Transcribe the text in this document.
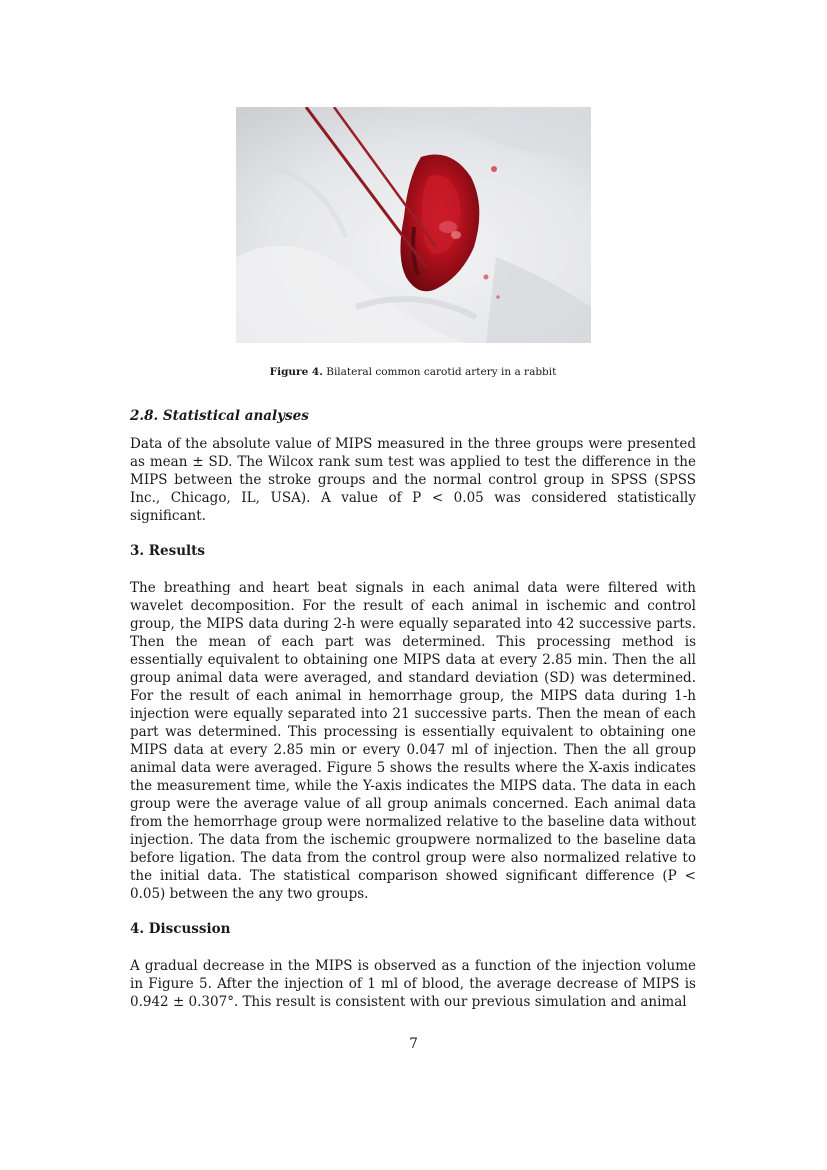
Figure 4. Bilateral common carotid artery in a rabbit
2.8. Statistical analyses

Data of the absolute value of MIPS measured in the three groups were presented as mean ± SD. The Wilcox rank sum test was applied to test the difference in the MIPS between the stroke groups and the normal control group in SPSS (SPSS Inc., Chicago, IL, USA). A value of P < 0.05 was considered statistically significant.

3. Results

The breathing and heart beat signals in each animal data were filtered with wavelet decomposition. For the result of each animal in ischemic and control group, the MIPS data during 2-h were equally separated into 42 successive parts. Then the mean of each part was determined. This processing method is essentially equivalent to obtaining one MIPS data at every 2.85 min. Then the all group animal data were averaged, and standard deviation (SD) was determined. For the result of each animal in hemorrhage group, the MIPS data during 1-h injection were equally separated into 21 successive parts. Then the mean of each part was determined. This processing is essentially equivalent to obtaining one MIPS data at every 2.85 min or every 0.047 ml of injection. Then the all group animal data were averaged. Figure 5 shows the results where the X-axis indicates the measurement time, while the Y-axis indicates the MIPS data. The data in each group were the average value of all group animals concerned. Each animal data from the hemorrhage group were normalized relative to the baseline data without injection. The data from the ischemic groupwere normalized to the baseline data before ligation. The data from the control group were also normalized relative to the initial data. The statistical comparison showed significant difference (P < 0.05) between the any two groups.

4. Discussion

A gradual decrease in the MIPS is observed as a function of the injection volume in Figure 5. After the injection of 1 ml of blood, the average decrease of MIPS is 0.942 ± 0.307°. This result is consistent with our previous simulation and animal

7
